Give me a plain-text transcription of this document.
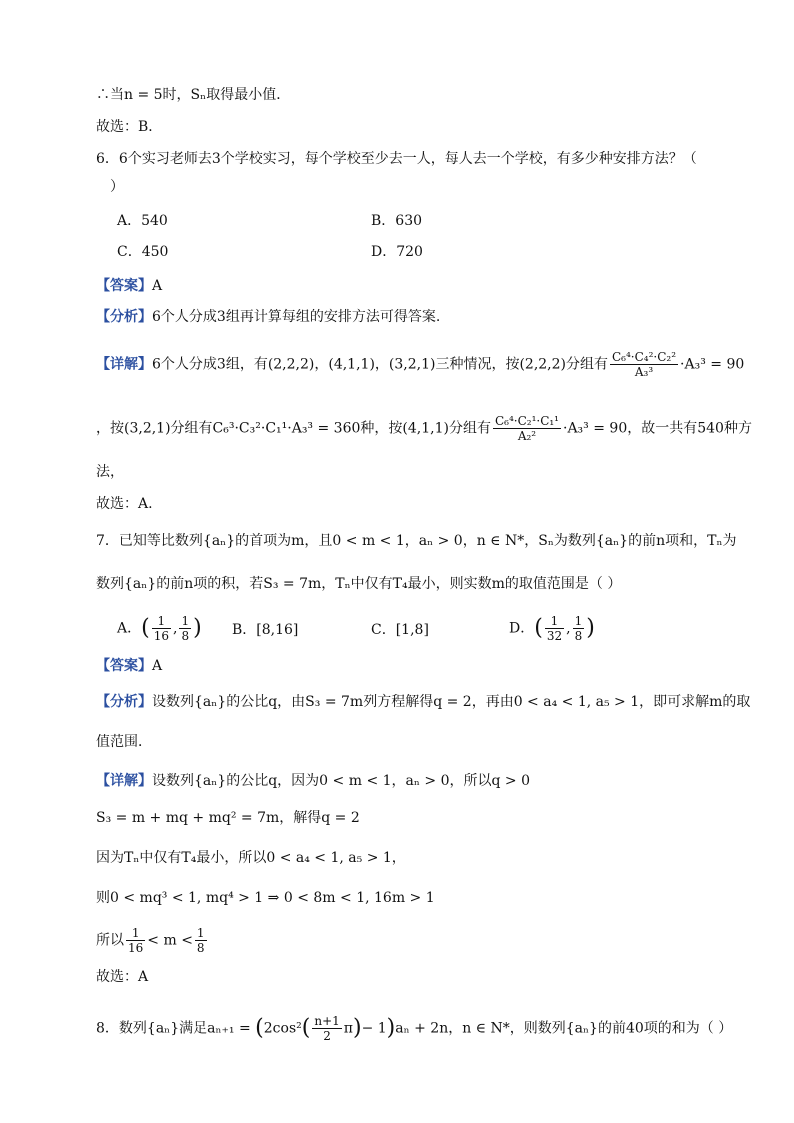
∴当n = 5时，Sₙ取得最小值．
故选：B．
6．6个实习老师去3个学校实习，每个学校至少去一人，每人去一个学校，有多少种安排方法？（
）
A．540	B．630
C．450	D．720
【答案】A
【分析】6个人分成3组再计算每组的安排方法可得答案.
【详解】6个人分成3组，有(2,2,2)，(4,1,1)，(3,2,1)三种情况，按(2,2,2)分组有 $\frac{\text{C₆⁴·C₄²·C₂²}}{\text{A₃³}} \cdot A_3^3 = 90$
，按(3,2,1)分组有C₆³·C₃²·C₁¹·A₃³ = 360种，按(4,1,1)分组有 $\frac{\text{C₆⁴·C₂¹·C₁¹}}{\text{A₂²}} \cdot A_3^3 = 90$，故一共有540种方
法，
故选：A.
7．已知等比数列{aₙ}的首项为m，且0 < m < 1，aₙ > 0，n ∈ N*，Sₙ为数列{aₙ}的前n项和，Tₙ为
数列{aₙ}的前n项的积，若S₃ = 7m，Tₙ中仅有T₄最小，则实数m的取值范围是（ ）
A．( $\frac{1}{16}$ , $\frac{1}{8}$ ) B．[8,16]	C．[1,8]	D．( $\frac{1}{32}$ , $\frac{1}{8}$ )
【答案】A
【分析】设数列{aₙ}的公比q，由S₃ = 7m列方程解得q = 2，再由0 < a₄ < 1, a₅ > 1，即可求解m的取
值范围．
【详解】设数列{aₙ}的公比q，因为0 < m < 1，aₙ > 0，所以q > 0
S₃ = m + mq + mq² = 7m，解得q = 2
因为Tₙ中仅有T₄最小，所以0 < a₄ < 1, a₅ > 1，
则0 < mq³ < 1, mq⁴ > 1 ⇒ 0 < 8m < 1, 16m > 1
所以 $\frac{1}{16} < m < \frac{1}{8}$
故选：A
8．数列{aₙ}满足$a_{n+1} = (2\cos^2( \frac{n+1}{2} \pi)- 1)a_n + 2n$，n ∈ N*，则数列{aₙ}的前40项的和为（ ）
